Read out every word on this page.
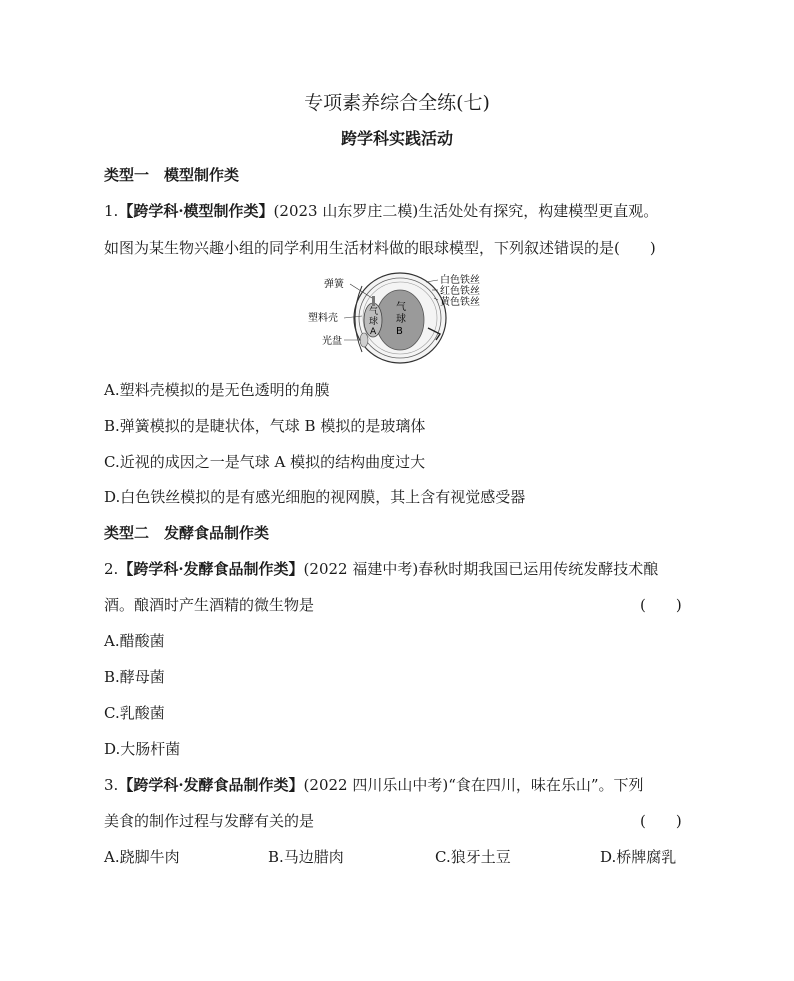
专项素养综合全练(七)
跨学科实践活动
类型一　模型制作类
1.【跨学科·模型制作类】(2023 山东罗庄二模)生活处处有探究，构建模型更直观。
如图为某生物兴趣小组的同学利用生活材料做的眼球模型，下列叙述错误的是(　　)
弹簧
塑料壳
光盘
白色铁丝
红色铁丝
黄色铁丝
气
球
A
气
球
B
A.塑料壳模拟的是无色透明的角膜
B.弹簧模拟的是睫状体，气球 B 模拟的是玻璃体
C.近视的成因之一是气球 A 模拟的结构曲度过大
D.白色铁丝模拟的是有感光细胞的视网膜，其上含有视觉感受器
类型二　发酵食品制作类
2.【跨学科·发酵食品制作类】(2022 福建中考)春秋时期我国已运用传统发酵技术酿
酒。酿酒时产生酒精的微生物是	(　　)
A.醋酸菌
B.酵母菌
C.乳酸菌
D.大肠杆菌
3.【跨学科·发酵食品制作类】(2022 四川乐山中考)“食在四川，味在乐山”。下列
美食的制作过程与发酵有关的是	(　　)
A.跷脚牛肉	B.马边腊肉	C.狼牙土豆	D.桥牌腐乳
